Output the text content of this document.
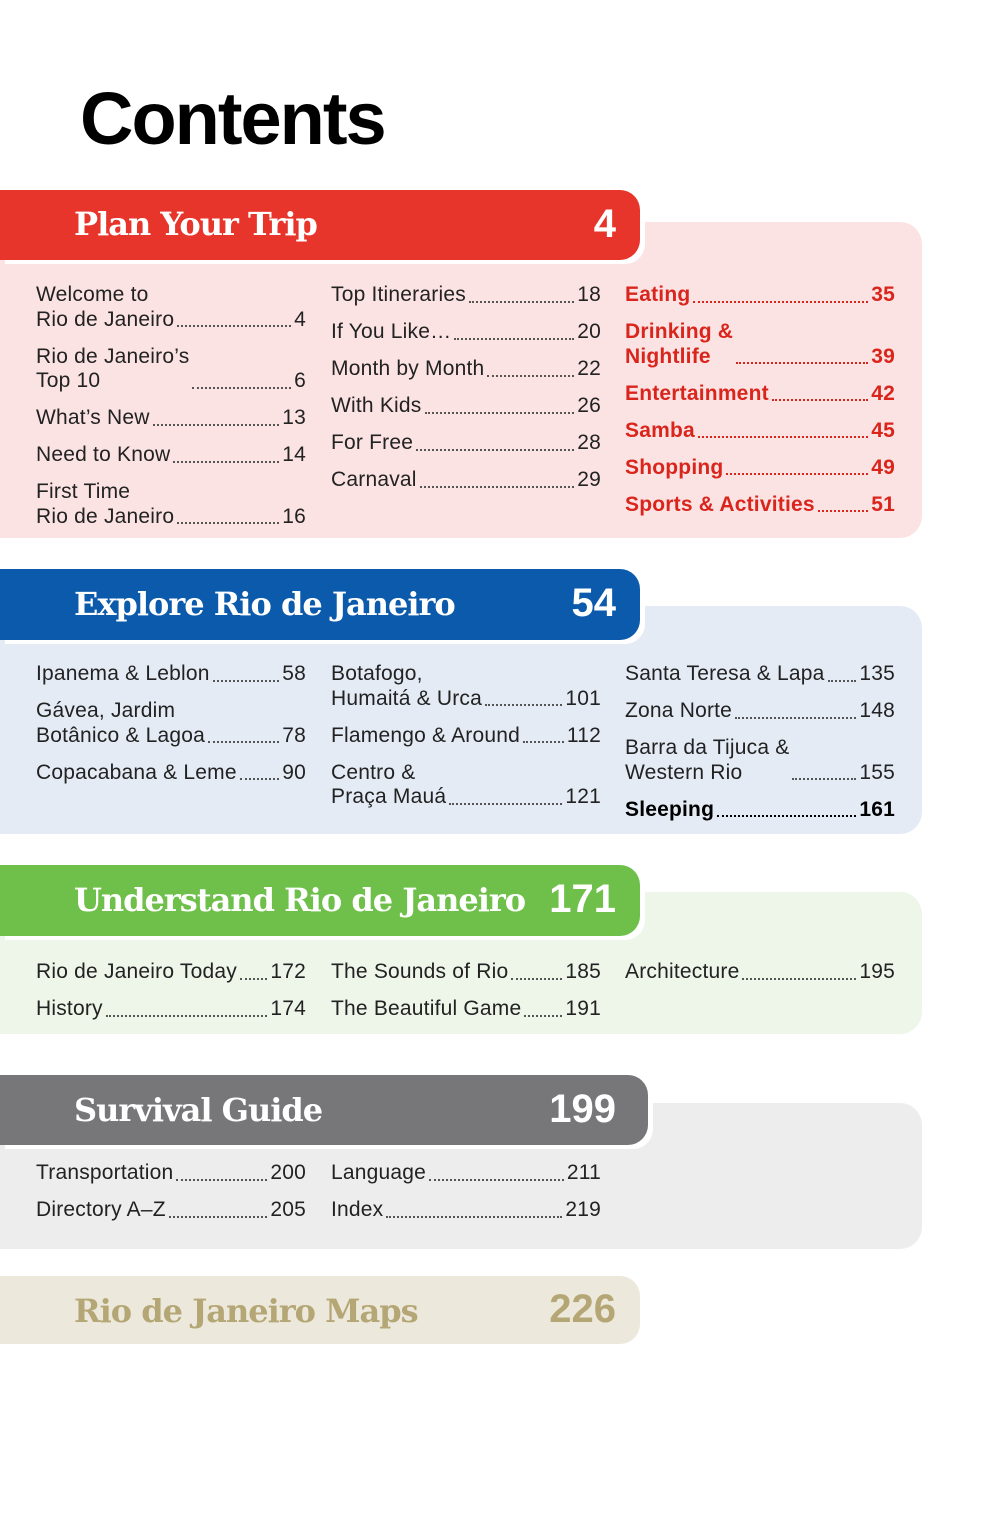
Contents
Plan Your Trip	4
Welcome to
Rio de Janeiro	4
Rio de Janeiro’s
Top 10	6
What’s New	13
Need to Know	14
First Time
Rio de Janeiro	16
Top Itineraries	18
If You Like…	20
Month by Month	22
With Kids	26
For Free	28
Carnaval	29
Eating	35
Drinking &
Nightlife	39
Entertainment	42
Samba	45
Shopping	49
Sports & Activities	51
Explore Rio de Janeiro	54
Ipanema & Leblon	58
Gávea, Jardim
Botânico & Lagoa	78
Copacabana & Leme 90
Botafogo,
Humaitá & Urca	101
Flamengo & Around 112
Centro &
Praça Mauá	121
Santa Teresa & Lapa 135
Zona Norte	148
Barra da Tijuca &
Western Rio	155
Sleeping	161
Understand Rio de Janeiro 171
Rio de Janeiro Today 172
History	174
The Sounds of Rio	185
The Beautiful Game 191
Architecture	195
Survival Guide	199
Transportation	200
Directory A–Z	205
Language	211
Index	219
Rio de Janeiro Maps	226
